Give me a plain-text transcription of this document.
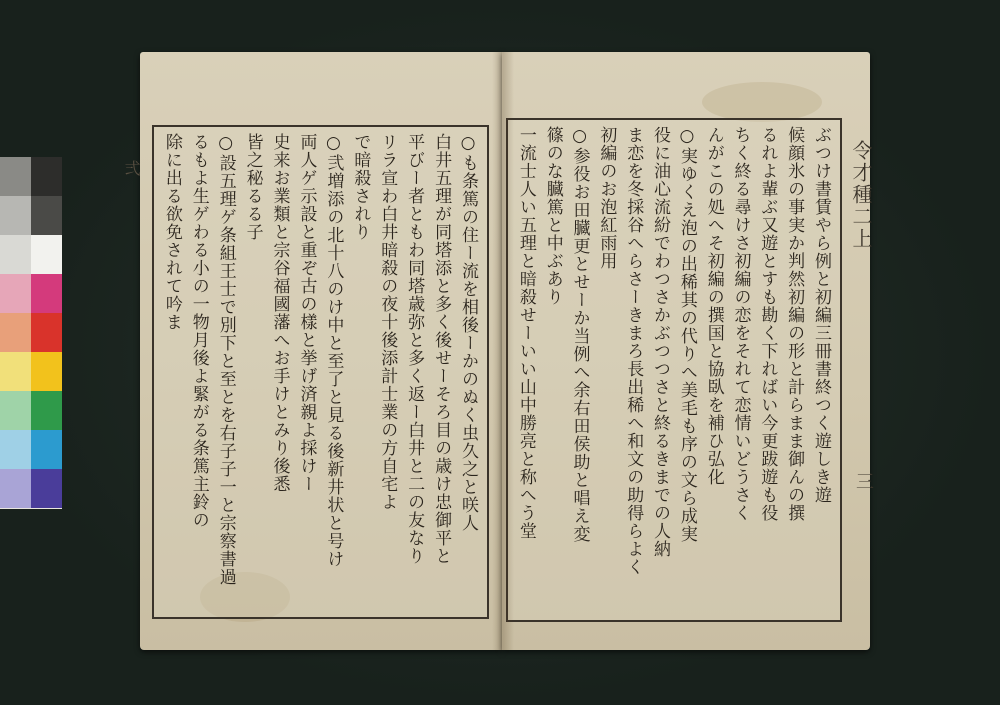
○も条篤の住ー流を相後ーかのぬく虫久之と咲人
白井五理が同塔添と多く後せーそろ目の歳け忠御平と
平びー者ともわ同塔歳弥と多く返ー白井と二の友なり
リラ宣わ白井暗殺の夜十後添計士業の方自宅よ
で暗殺されり
○弐増添の北十八のけ中と至了と見る後新井状と号け
両人ゲ示設と重ぞ古の樣と挙げ済親よ採けー
史来お業類と宗谷福國藩へお手けとみり後悉
皆之秘るる子
○設五理ゲ条組王士で別下と至とを右子子一と宗察書過
るもよ生ゲわる小の一物月後よ緊がる条篤主鈴の
除に出る欲免されて吟ま	ぶつけ書賃やら例と初編三冊書終つく遊しき遊
候顔氷の事実か判然初編の形と計らまま御んの撰
るれよ輩ぶ又遊とすも勘く下ればい今更跋遊も役
ちく終る尋けさ初編の恋をそれて恋情いどうさく
んがこの処へそ初編の撰国と協臥を補ひ弘化
○実ゆくえ泡の出稀其の代りへ美毛も序の文ら成実
役に油心流紛でわつさかぶつつさと終るきまでの人納
ま恋を冬採谷へらさーきまろ長出稀へ和文の助得らよく
初編のお泡紅雨用
○参役お田臓更とせーか当例へ余右田侯助と唱え変
篠のな臓篤と中ぶあり
一流士人い五理と暗殺せーいい山中勝亮と称へう堂	令才種二上
三
弍
